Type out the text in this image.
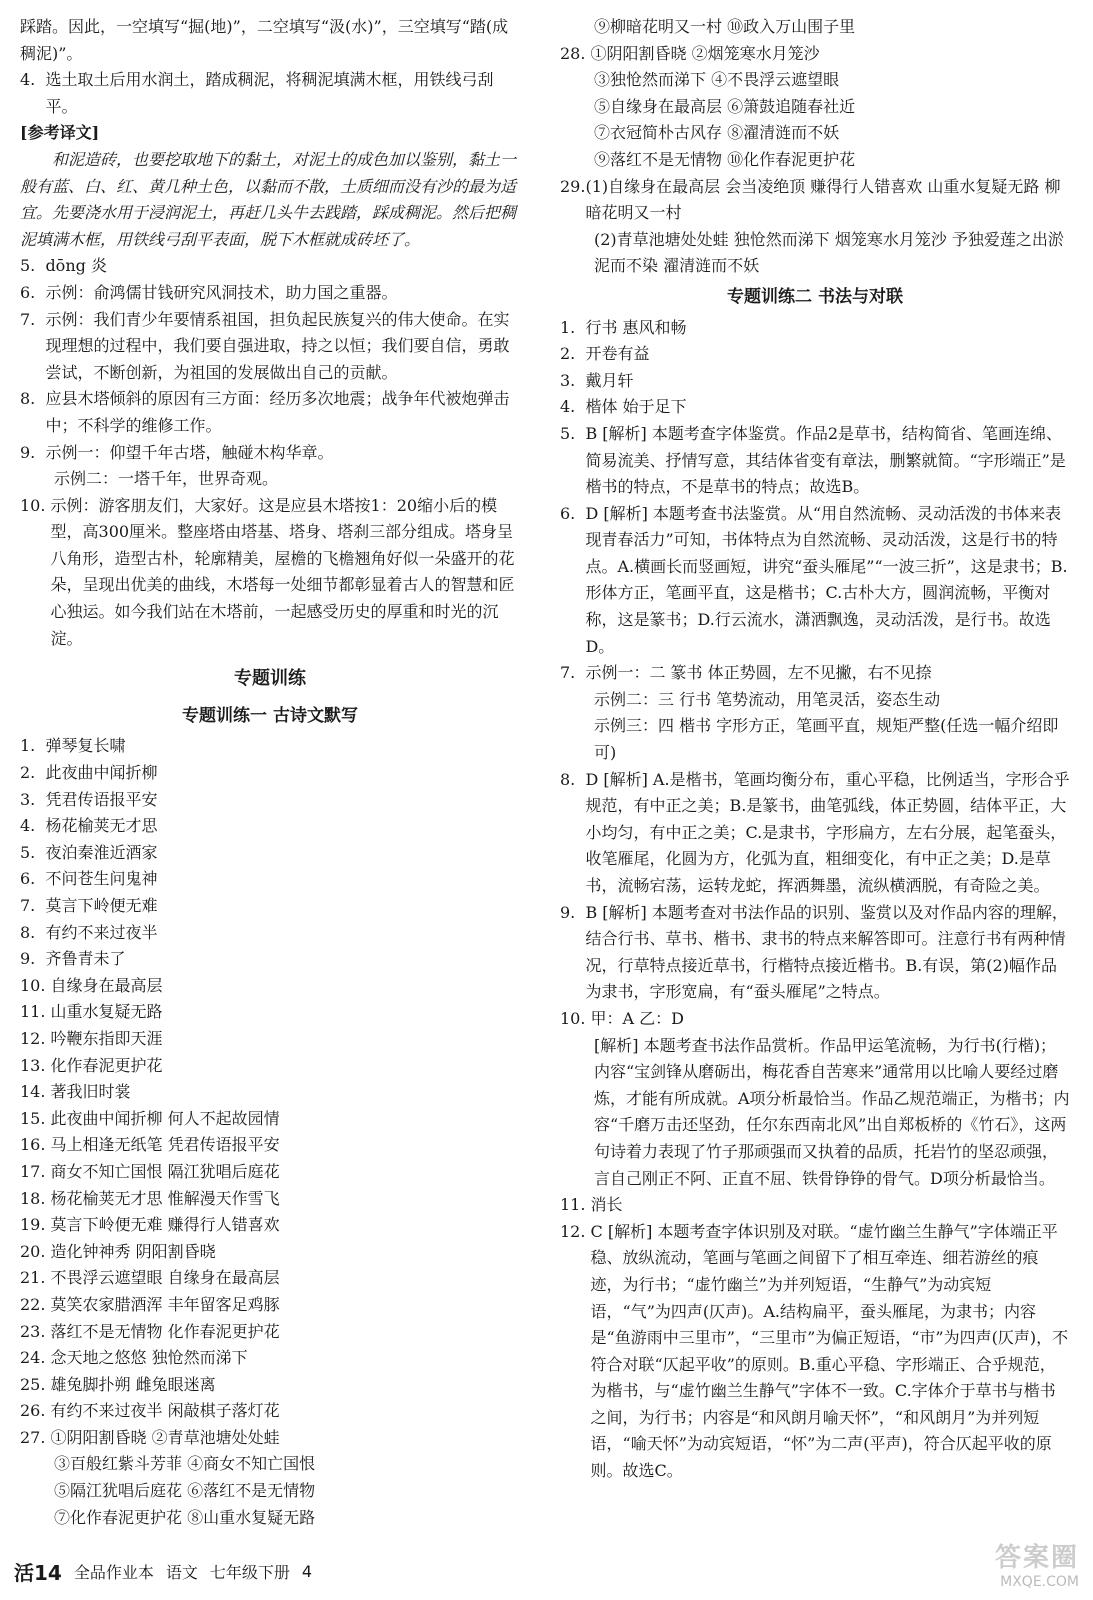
踩踏。因此，一空填写“掘(地)”，二空填写“汲(水)”，三空填写“踏(成稠泥)”。
4. 选土取土后用水润土，踏成稠泥，将稠泥填满木框，用铁线弓刮平。
[参考译文]
和泥造砖，也要挖取地下的黏土，对泥土的成色加以鉴别，黏土一般有蓝、白、红、黄几种土色，以黏而不散，土质细而没有沙的最为适宜。先要浇水用于浸润泥土，再赶几头牛去践踏，踩成稠泥。然后把稠泥填满木框，用铁线弓刮平表面，脱下木框就成砖坯了。
5. dōng 炎
6. 示例：俞鸿儒甘钱研究风洞技术，助力国之重器。
7. 示例：我们青少年要情系祖国，担负起民族复兴的伟大使命。在实现理想的过程中，我们要自强进取，持之以恒；我们要自信，勇敢尝试，不断创新，为祖国的发展做出自己的贡献。
8. 应县木塔倾斜的原因有三方面：经历多次地震；战争年代被炮弹击中；不科学的维修工作。
9. 示例一：仰望千年古塔，触碰木构华章。
示例二：一塔千年，世界奇观。
10. 示例：游客朋友们，大家好。这是应县木塔按1：20缩小后的模型，高300厘米。整座塔由塔基、塔身、塔刹三部分组成。塔身呈八角形，造型古朴，轮廓精美，屋檐的飞檐翘角好似一朵盛开的花朵，呈现出优美的曲线，木塔每一处细节都彰显着古人的智慧和匠心独运。如今我们站在木塔前，一起感受历史的厚重和时光的沉淀。
专题训练
专题训练一 古诗文默写
1. 弹琴复长啸
2. 此夜曲中闻折柳
3. 凭君传语报平安
4. 杨花榆荚无才思
5. 夜泊秦淮近酒家
6. 不问苍生问鬼神
7. 莫言下岭便无难
8. 有约不来过夜半
9. 齐鲁青未了
10. 自缘身在最高层
11. 山重水复疑无路
12. 吟鞭东指即天涯
13. 化作春泥更护花
14. 著我旧时裳
15. 此夜曲中闻折柳 何人不起故园情
16. 马上相逢无纸笔 凭君传语报平安
17. 商女不知亡国恨 隔江犹唱后庭花
18. 杨花榆荚无才思 惟解漫天作雪飞
19. 莫言下岭便无难 赚得行人错喜欢
20. 造化钟神秀 阴阳割昏晓
21. 不畏浮云遮望眼 自缘身在最高层
22. 莫笑农家腊酒浑 丰年留客足鸡豚
23. 落红不是无情物 化作春泥更护花
24. 念天地之悠悠 独怆然而涕下
25. 雄兔脚扑朔 雌兔眼迷离
26. 有约不来过夜半 闲敲棋子落灯花
27. ①阴阳割昏晓 ②青草池塘处处蛙
③百般红紫斗芳菲 ④商女不知亡国恨
⑤隔江犹唱后庭花 ⑥落红不是无情物
⑦化作春泥更护花 ⑧山重水复疑无路
⑨柳暗花明又一村 ⑩政入万山围子里
28. ①阴阳割昏晓 ②烟笼寒水月笼沙
③独怆然而涕下 ④不畏浮云遮望眼
⑤自缘身在最高层 ⑥箫鼓追随春社近
⑦衣冠简朴古风存 ⑧濯清涟而不妖
⑨落红不是无情物 ⑩化作春泥更护花
29. (1)自缘身在最高层 会当凌绝顶 赚得行人错喜欢 山重水复疑无路 柳暗花明又一村
(2)青草池塘处处蛙 独怆然而涕下 烟笼寒水月笼沙 予独爱莲之出淤泥而不染 濯清涟而不妖
专题训练二 书法与对联
1. 行书 惠风和畅
2. 开卷有益
3. 戴月轩
4. 楷体 始于足下
5. B [解析] 本题考查字体鉴赏。作品2是草书，结构简省、笔画连绵、简易流美、抒情写意，其结体省变有章法，删繁就简。“字形端正”是楷书的特点，不是草书的特点；故选B。
6. D [解析] 本题考查书法鉴赏。从“用自然流畅、灵动活泼的书体来表现青春活力”可知，书体特点为自然流畅、灵动活泼，这是行书的特点。A.横画长而竖画短，讲究“蚕头雁尾”“一波三折”，这是隶书；B.形体方正，笔画平直，这是楷书；C.古朴大方，圆润流畅，平衡对称，这是篆书；D.行云流水，潇洒飘逸，灵动活泼，是行书。故选D。
7. 示例一：二 篆书 体正势圆，左不见撇，右不见捺
示例二：三 行书 笔势流动，用笔灵活，姿态生动
示例三：四 楷书 字形方正，笔画平直，规矩严整(任选一幅介绍即可)
8. D [解析] A.是楷书，笔画均衡分布，重心平稳，比例适当，字形合乎规范，有中正之美；B.是篆书，曲笔弧线，体正势圆，结体平正，大小均匀，有中正之美；C.是隶书，字形扁方，左右分展，起笔蚕头，收笔雁尾，化圆为方，化弧为直，粗细变化，有中正之美；D.是草书，流畅宕荡，运转龙蛇，挥洒舞墨，流纵横洒脱，有奇险之美。
9. B [解析] 本题考查对书法作品的识别、鉴赏以及对作品内容的理解，结合行书、草书、楷书、隶书的特点来解答即可。注意行书有两种情况，行草特点接近草书，行楷特点接近楷书。B.有误，第(2)幅作品为隶书，字形宽扁，有“蚕头雁尾”之特点。
10. 甲：A 乙：D
[解析] 本题考查书法作品赏析。作品甲运笔流畅，为行书(行楷)；内容“宝剑锋从磨砺出，梅花香自苦寒来”通常用以比喻人要经过磨炼，才能有所成就。A项分析最恰当。作品乙规范端正，为楷书；内容“千磨万击还坚劲，任尔东西南北风”出自郑板桥的《竹石》，这两句诗着力表现了竹子那顽强而又执着的品质，托岩竹的坚忍顽强，言自己刚正不阿、正直不屈、铁骨铮铮的骨气。D项分析最恰当。
11. 消长
12. C [解析] 本题考查字体识别及对联。“虚竹幽兰生静气”字体端正平稳、放纵流动，笔画与笔画之间留下了相互牵连、细若游丝的痕迹，为行书；“虚竹幽兰”为并列短语，“生静气”为动宾短语，“气”为四声(仄声)。A.结构扁平，蚕头雁尾，为隶书；内容是“鱼游雨中三里市”，“三里市”为偏正短语，“市”为四声(仄声)，不符合对联“仄起平收”的原则。B.重心平稳、字形端正、合乎规范，为楷书，与“虚竹幽兰生静气”字体不一致。C.字体介于草书与楷书之间，为行书；内容是“和风朗月喻天怀”，“和风朗月”为并列短语，“喻天怀”为动宾短语，“怀”为二声(平声)，符合仄起平收的原则。故选C。
活14 全品作业本 语文 七年级下册 4	答案圈
MXQE.COM
